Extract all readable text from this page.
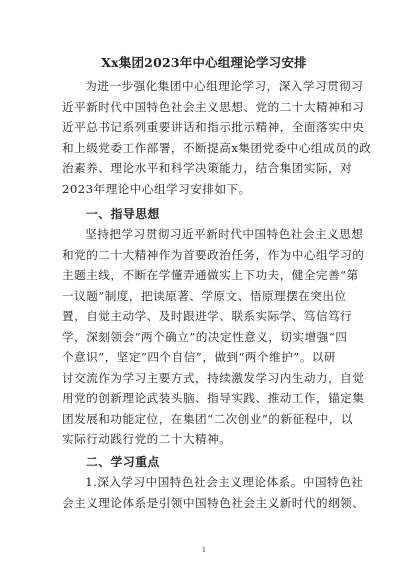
Xx集团2023年中心组理论学习安排
为进一步强化集团中心组理论学习，深入学习贯彻习
近平新时代中国特色社会主义思想、党的二十大精神和习
近平总书记系列重要讲话和指示批示精神，全面落实中央
和上级党委工作部署，不断提高x集团党委中心组成员的政
治素养、理论水平和科学决策能力，结合集团实际，对
2023年理论中心组学习安排如下。
一、指导思想
坚持把学习贯彻习近平新时代中国特色社会主义思想
和党的二十大精神作为首要政治任务，作为中心组学习的
主题主线，不断在学懂弄通做实上下功夫，健全完善“第
一议题”制度，把读原著、学原文、悟原理摆在突出位
置，自觉主动学、及时跟进学、联系实际学、笃信笃行
学，深刻领会“两个确立”的决定性意义，切实增强“四
个意识”，坚定“四个自信”，做到“两个维护”。以研
讨交流作为学习主要方式，持续激发学习内生动力，自觉
用党的创新理论武装头脑、指导实践、推动工作，锚定集
团发展和功能定位，在集团“二次创业”的新征程中，以
实际行动践行党的二十大精神。
二、学习重点
1.深入学习中国特色社会主义理论体系。中国特色社
会主义理论体系是引领中国特色社会主义新时代的纲领、
1
